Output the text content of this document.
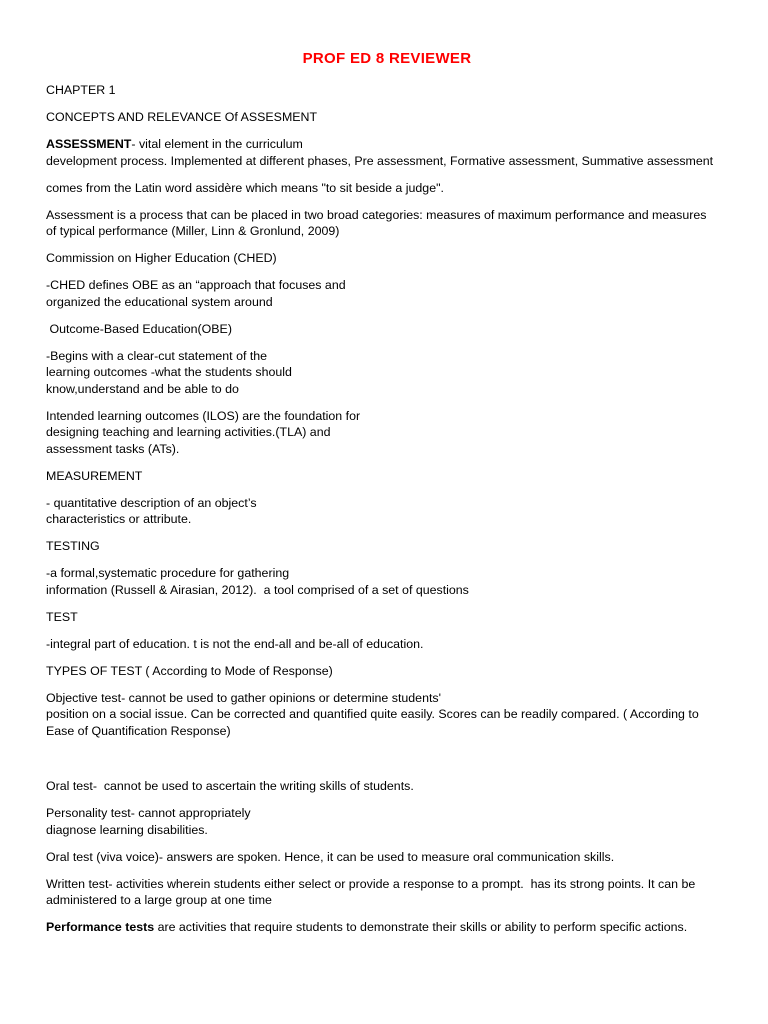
PROF ED 8 REVIEWER
CHAPTER 1
CONCEPTS AND RELEVANCE Of ASSESMENT
ASSESSMENT- vital element in the curriculum
development process. Implemented at different phases, Pre assessment, Formative assessment, Summative assessment
comes from the Latin word assidère which means "to sit beside a judge".
Assessment is a process that can be placed in two broad categories: measures of maximum performance and measures
of typical performance (Miller, Linn & Gronlund, 2009)
Commission on Higher Education (CHED)
-CHED defines OBE as an “approach that focuses and
organized the educational system around
Outcome-Based Education(OBE)
-Begins with a clear-cut statement of the
learning outcomes -what the students should
know,understand and be able to do
Intended learning outcomes (ILOS) are the foundation for
designing teaching and learning activities.(TLA) and
assessment tasks (ATs).
MEASUREMENT
- quantitative description of an object’s
characteristics or attribute.
TESTING
-a formal,systematic procedure for gathering
information (Russell & Airasian, 2012).  a tool comprised of a set of questions
TEST
-integral part of education. t is not the end-all and be-all of education.
TYPES OF TEST ( According to Mode of Response)
Objective test- cannot be used to gather opinions or determine students'
position on a social issue. Can be corrected and quantified quite easily. Scores can be readily compared. ( According to
Ease of Quantification Response)
Oral test-  cannot be used to ascertain the writing skills of students.
Personality test- cannot appropriately
diagnose learning disabilities.
Oral test (viva voice)- answers are spoken. Hence, it can be used to measure oral communication skills.
Written test- activities wherein students either select or provide a response to a prompt.  has its strong points. It can be
administered to a large group at one time
Performance tests are activities that require students to demonstrate their skills or ability to perform specific actions.
